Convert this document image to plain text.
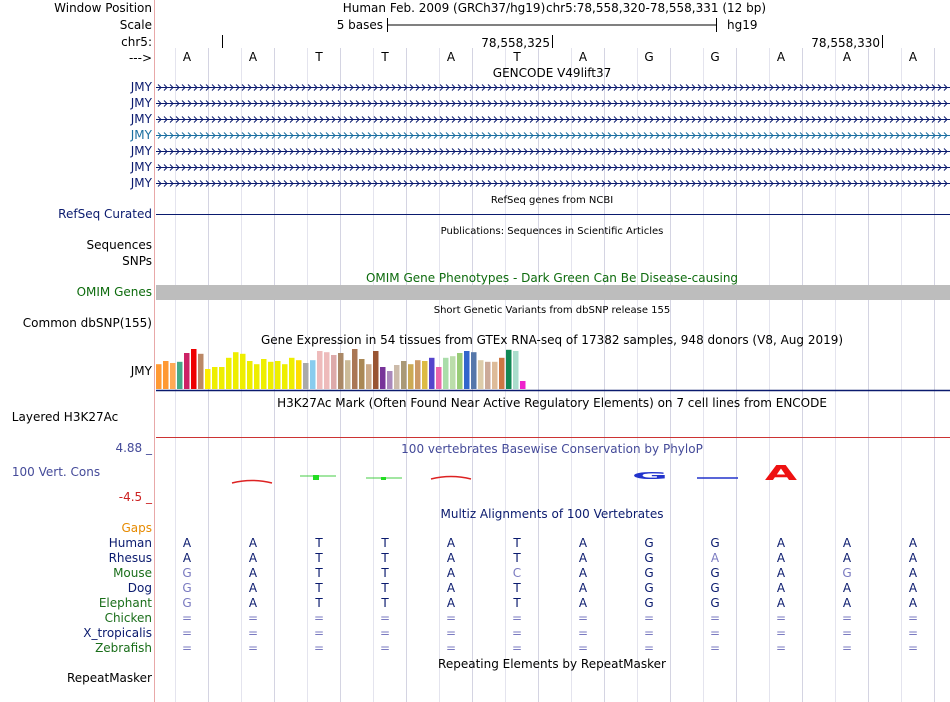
Window Position
Scale
chr5:
--->
Human Feb. 2009 (GRCh37/hg19) chr5:78,558,320-78,558,331 (12 bp)
5 bases	hg19
78,558,325	78,558,330
A	A	T	T	A	T	A	G	G	A	A	A
GENCODE V49lift37
JMY
JMY
JMY
JMY
JMY
JMY
JMY
RefSeq Curated
RefSeq genes from NCBI
Publications: Sequences in Scientific Articles
Sequences
SNPs
OMIM Gene Phenotypes - Dark Green Can Be Disease-causing
OMIM Genes
Short Genetic Variants from dbSNP release 155
Common dbSNP(155)
Gene Expression in 54 tissues from GTEx RNA-seq of 17382 samples, 948 donors (V8, Aug 2019)
JMY
H3K27Ac Mark (Often Found Near Active Regulatory Elements) on 7 cell lines from ENCODE
Layered H3K27Ac
100 vertebrates Basewise Conservation by PhyloP
4.88 _
100 Vert. Cons
-4.5 _
G	A
Multiz Alignments of 100 Vertebrates
Gaps
Human	A	A	T	T	A	T	A	G	G	A	A	A
Rhesus	A	A	T	T	A	T	A	G	A	A	A	A
Mouse	G	A	T	T	A	C	A	G	G	A	G	A
Dog	G	A	T	T	A	T	A	G	G	A	A	A
Elephant	G	A	T	T	A	T	A	G	G	A	A	A
Chicken =	=	=	=	=	=	=	=	=	=	=	=
X_tropicalis =	=	=	=	=	=	=	=	=	=	=	=
Zebrafish =	=	=	=	=	=	=	=	=	=	=	=
Repeating Elements by RepeatMasker
RepeatMasker
